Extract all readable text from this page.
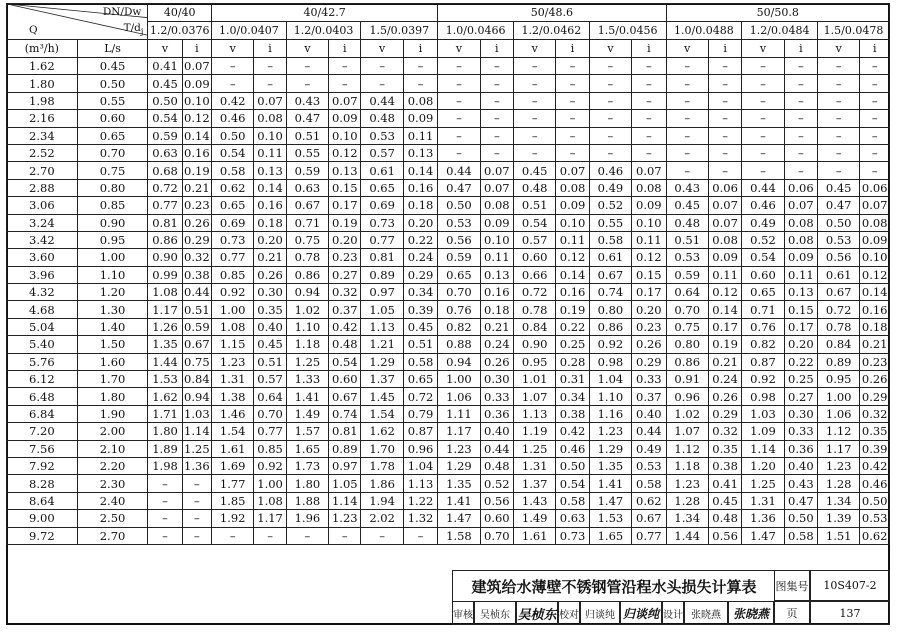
DN/Dw
$T/d_j$
Q		40/40		40/42.7						50/48.6						50/50.8					
		1.2/0.0376		1.0/0.0407		1.2/0.0403		1.5/0.0397		1.0/0.0466		1.2/0.0462		1.5/0.0456		1.0/0.0488		1.2/0.0484		1.5/0.0478	
(m³/h)	L/s	v	i	v	i	v	i	v	i	v	i	v	i	v	i	v	i	v	i	v	i
1.62	0.45	0.41	0.07	–	–	–	–	–	–	–	–	–	–	–	–	–	–	–	–	–	–
1.80	0.50	0.45	0.09	–	–	–	–	–	–	–	–	–	–	–	–	–	–	–	–	–	–
1.98	0.55	0.50	0.10	0.42	0.07	0.43	0.07	0.44	0.08	–	–	–	–	–	–	–	–	–	–	–	–
2.16	0.60	0.54	0.12	0.46	0.08	0.47	0.09	0.48	0.09	–	–	–	–	–	–	–	–	–	–	–	–
2.34	0.65	0.59	0.14	0.50	0.10	0.51	0.10	0.53	0.11	–	–	–	–	–	–	–	–	–	–	–	–
2.52	0.70	0.63	0.16	0.54	0.11	0.55	0.12	0.57	0.13	–	–	–	–	–	–	–	–	–	–	–	–
2.70	0.75	0.68	0.19	0.58	0.13	0.59	0.13	0.61	0.14	0.44	0.07	0.45	0.07	0.46	0.07	–	–	–	–	–	–
2.88	0.80	0.72	0.21	0.62	0.14	0.63	0.15	0.65	0.16	0.47	0.07	0.48	0.08	0.49	0.08	0.43	0.06	0.44	0.06	0.45	0.06
3.06	0.85	0.77	0.23	0.65	0.16	0.67	0.17	0.69	0.18	0.50	0.08	0.51	0.09	0.52	0.09	0.45	0.07	0.46	0.07	0.47	0.07
3.24	0.90	0.81	0.26	0.69	0.18	0.71	0.19	0.73	0.20	0.53	0.09	0.54	0.10	0.55	0.10	0.48	0.07	0.49	0.08	0.50	0.08
3.42	0.95	0.86	0.29	0.73	0.20	0.75	0.20	0.77	0.22	0.56	0.10	0.57	0.11	0.58	0.11	0.51	0.08	0.52	0.08	0.53	0.09
3.60	1.00	0.90	0.32	0.77	0.21	0.78	0.23	0.81	0.24	0.59	0.11	0.60	0.12	0.61	0.12	0.53	0.09	0.54	0.09	0.56	0.10
3.96	1.10	0.99	0.38	0.85	0.26	0.86	0.27	0.89	0.29	0.65	0.13	0.66	0.14	0.67	0.15	0.59	0.11	0.60	0.11	0.61	0.12
4.32	1.20	1.08	0.44	0.92	0.30	0.94	0.32	0.97	0.34	0.70	0.16	0.72	0.16	0.74	0.17	0.64	0.12	0.65	0.13	0.67	0.14
4.68	1.30	1.17	0.51	1.00	0.35	1.02	0.37	1.05	0.39	0.76	0.18	0.78	0.19	0.80	0.20	0.70	0.14	0.71	0.15	0.72	0.16
5.04	1.40	1.26	0.59	1.08	0.40	1.10	0.42	1.13	0.45	0.82	0.21	0.84	0.22	0.86	0.23	0.75	0.17	0.76	0.17	0.78	0.18
5.40	1.50	1.35	0.67	1.15	0.45	1.18	0.48	1.21	0.51	0.88	0.24	0.90	0.25	0.92	0.26	0.80	0.19	0.82	0.20	0.84	0.21
5.76	1.60	1.44	0.75	1.23	0.51	1.25	0.54	1.29	0.58	0.94	0.26	0.95	0.28	0.98	0.29	0.86	0.21	0.87	0.22	0.89	0.23
6.12	1.70	1.53	0.84	1.31	0.57	1.33	0.60	1.37	0.65	1.00	0.30	1.01	0.31	1.04	0.33	0.91	0.24	0.92	0.25	0.95	0.26
6.48	1.80	1.62	0.94	1.38	0.64	1.41	0.67	1.45	0.72	1.06	0.33	1.07	0.34	1.10	0.37	0.96	0.26	0.98	0.27	1.00	0.29
6.84	1.90	1.71	1.03	1.46	0.70	1.49	0.74	1.54	0.79	1.11	0.36	1.13	0.38	1.16	0.40	1.02	0.29	1.03	0.30	1.06	0.32
7.20	2.00	1.80	1.14	1.54	0.77	1.57	0.81	1.62	0.87	1.17	0.40	1.19	0.42	1.23	0.44	1.07	0.32	1.09	0.33	1.12	0.35
7.56	2.10	1.89	1.25	1.61	0.85	1.65	0.89	1.70	0.96	1.23	0.44	1.25	0.46	1.29	0.49	1.12	0.35	1.14	0.36	1.17	0.39
7.92	2.20	1.98	1.36	1.69	0.92	1.73	0.97	1.78	1.04	1.29	0.48	1.31	0.50	1.35	0.53	1.18	0.38	1.20	0.40	1.23	0.42
8.28	2.30	–	–	1.77	1.00	1.80	1.05	1.86	1.13	1.35	0.52	1.37	0.54	1.41	0.58	1.23	0.41	1.25	0.43	1.28	0.46
8.64	2.40	–	–	1.85	1.08	1.88	1.14	1.94	1.22	1.41	0.56	1.43	0.58	1.47	0.62	1.28	0.45	1.31	0.47	1.34	0.50
9.00	2.50	–	–	1.92	1.17	1.96	1.23	2.02	1.32	1.47	0.60	1.49	0.63	1.53	0.67	1.34	0.48	1.36	0.50	1.39	0.53
9.72	2.70	–	–	–	–	–	–	–	–	1.58	0.70	1.61	0.73	1.65	0.77	1.44	0.56	1.47	0.58	1.51	0.62
建筑给水薄壁不锈钢管沿程水头损失计算表	图集号	10S407-2
审核 吴桢东 吴桢东 校对 归谈纯 归谈纯 设计 张晓燕 张晓燕	页	137
